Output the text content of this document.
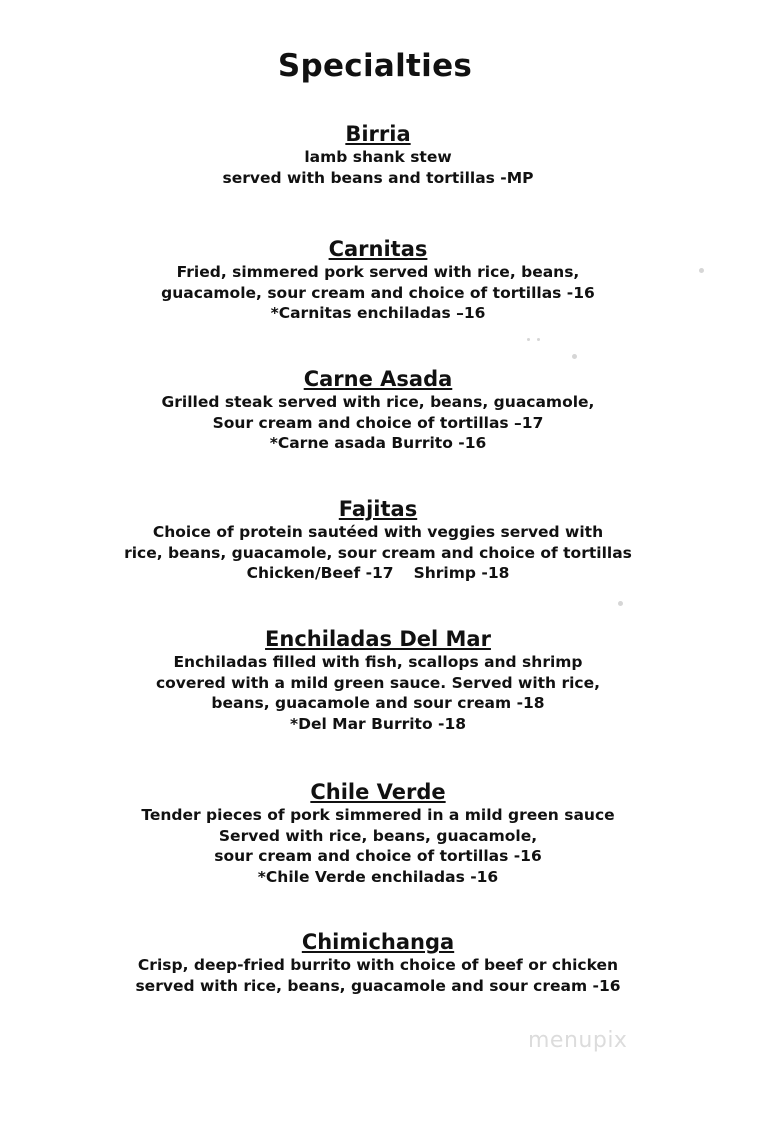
Specialties
Birria
lamb shank stew
served with beans and tortillas -MP
Carnitas
Fried, simmered pork served with rice, beans,
guacamole, sour cream and choice of tortillas -16
*Carnitas enchiladas –16
Carne Asada
Grilled steak served with rice, beans, guacamole,
Sour cream and choice of tortillas –17
*Carne asada Burrito -16
Fajitas
Choice of protein sautéed with veggies served with
rice, beans, guacamole, sour cream and choice of tortillas
Chicken/Beef -17 Shrimp -18
Enchiladas Del Mar
Enchiladas filled with fish, scallops and shrimp
covered with a mild green sauce. Served with rice,
beans, guacamole and sour cream -18
*Del Mar Burrito -18
Chile Verde
Tender pieces of pork simmered in a mild green sauce
Served with rice, beans, guacamole,
sour cream and choice of tortillas -16
*Chile Verde enchiladas -16
Chimichanga
Crisp, deep-fried burrito with choice of beef or chicken
served with rice, beans, guacamole and sour cream -16
menupix
